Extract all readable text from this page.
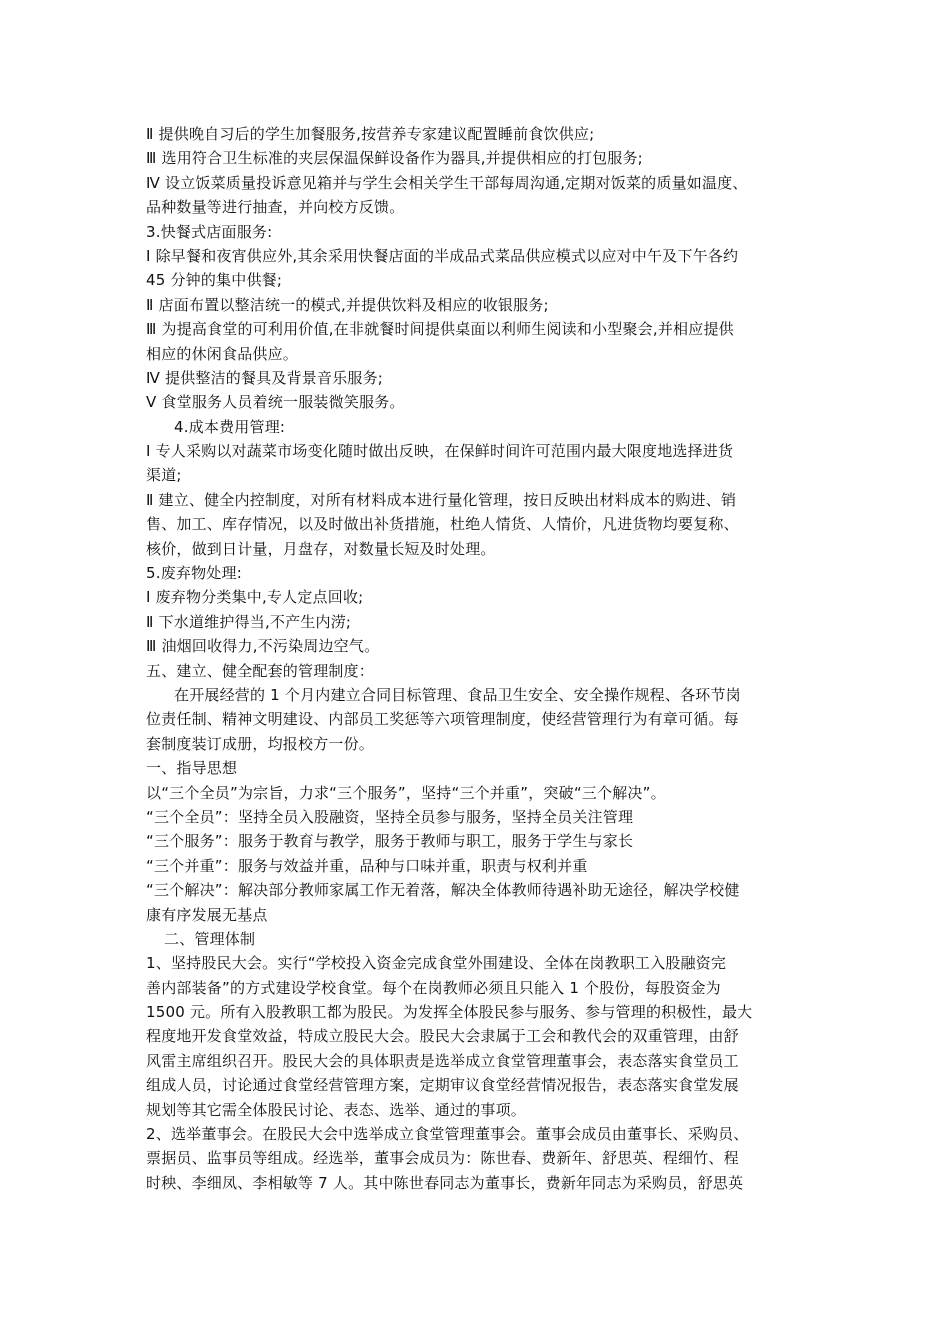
Ⅱ 提供晚自习后的学生加餐服务,按营养专家建议配置睡前食饮供应;
Ⅲ 选用符合卫生标准的夹层保温保鲜设备作为器具,并提供相应的打包服务;
Ⅳ 设立饭菜质量投诉意见箱并与学生会相关学生干部每周沟通,定期对饭菜的质量如温度、
品种数量等进行抽查，并向校方反馈。
3.快餐式店面服务:
Ⅰ 除早餐和夜宵供应外,其余采用快餐店面的半成品式菜品供应模式以应对中午及下午各约
45 分钟的集中供餐;
Ⅱ 店面布置以整洁统一的模式,并提供饮料及相应的收银服务;
Ⅲ 为提高食堂的可利用价值,在非就餐时间提供桌面以利师生阅读和小型聚会,并相应提供
相应的休闲食品供应。
Ⅳ 提供整洁的餐具及背景音乐服务;
Ⅴ 食堂服务人员着统一服装微笑服务。
4.成本费用管理:
Ⅰ 专人采购以对蔬菜市场变化随时做出反映，在保鲜时间许可范围内最大限度地选择进货
渠道;
Ⅱ 建立、健全内控制度，对所有材料成本进行量化管理，按日反映出材料成本的购进、销
售、加工、库存情况，以及时做出补货措施，杜绝人情货、人情价，凡进货物均要复称、
核价，做到日计量，月盘存，对数量长短及时处理。
5.废弃物处理:
Ⅰ 废弃物分类集中,专人定点回收;
Ⅱ 下水道维护得当,不产生内涝;
Ⅲ 油烟回收得力,不污染周边空气。
五、建立、健全配套的管理制度：
在开展经营的 1 个月内建立合同目标管理、食品卫生安全、安全操作规程、各环节岗
位责任制、精神文明建设、内部员工奖惩等六项管理制度，使经营管理行为有章可循。每
套制度装订成册，均报校方一份。
一、指导思想
以“三个全员”为宗旨，力求“三个服务”，坚持“三个并重”，突破“三个解决”。
“三个全员”：坚持全员入股融资，坚持全员参与服务，坚持全员关注管理
“三个服务”：服务于教育与教学，服务于教师与职工，服务于学生与家长
“三个并重”：服务与效益并重，品种与口味并重，职责与权利并重
“三个解决”：解决部分教师家属工作无着落，解决全体教师待遇补助无途径，解决学校健
康有序发展无基点
二、管理体制
1、坚持股民大会。实行“学校投入资金完成食堂外围建设、全体在岗教职工入股融资完
善内部装备”的方式建设学校食堂。每个在岗教师必须且只能入 1 个股份，每股资金为
1500 元。所有入股教职工都为股民。为发挥全体股民参与服务、参与管理的积极性，最大
程度地开发食堂效益，特成立股民大会。股民大会隶属于工会和教代会的双重管理，由舒
风雷主席组织召开。股民大会的具体职责是选举成立食堂管理董事会，表态落实食堂员工
组成人员，讨论通过食堂经营管理方案，定期审议食堂经营情况报告，表态落实食堂发展
规划等其它需全体股民讨论、表态、选举、通过的事项。
2、选举董事会。在股民大会中选举成立食堂管理董事会。董事会成员由董事长、采购员、
票据员、监事员等组成。经选举，董事会成员为：陈世春、费新年、舒思英、程细竹、程
时秧、李细凤、李相敏等 7 人。其中陈世春同志为董事长，费新年同志为采购员，舒思英
